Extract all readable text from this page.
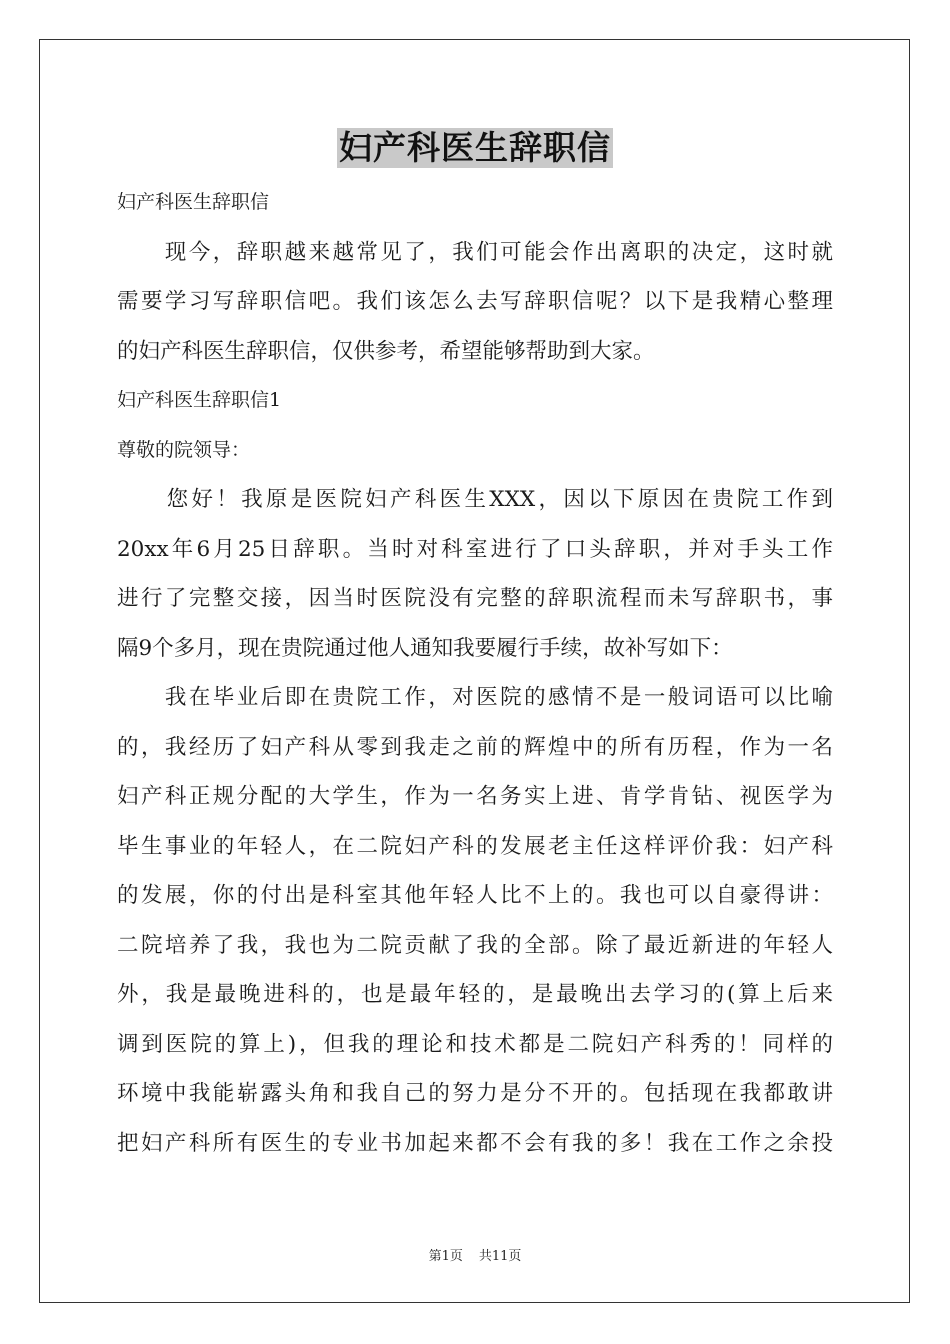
妇产科医生辞职信
妇产科医生辞职信
　　现今，辞职越来越常见了，我们可能会作出离职的决定，这时就
需要学习写辞职信吧。我们该怎么去写辞职信呢？以下是我精心整理
的妇产科医生辞职信，仅供参考，希望能够帮助到大家。
妇产科医生辞职信1
尊敬的院领导：
　　您好！我原是医院妇产科医生XXX，因以下原因在贵院工作到
20xx年6月25日辞职。当时对科室进行了口头辞职，并对手头工作
进行了完整交接，因当时医院没有完整的辞职流程而未写辞职书，事
隔9个多月，现在贵院通过他人通知我要履行手续，故补写如下：
　　我在毕业后即在贵院工作，对医院的感情不是一般词语可以比喻
的，我经历了妇产科从零到我走之前的辉煌中的所有历程，作为一名
妇产科正规分配的大学生，作为一名务实上进、肯学肯钻、视医学为
毕生事业的年轻人，在二院妇产科的发展老主任这样评价我：妇产科
的发展，你的付出是科室其他年轻人比不上的。我也可以自豪得讲：
二院培养了我，我也为二院贡献了我的全部。除了最近新进的年轻人
外，我是最晚进科的，也是最年轻的，是最晚出去学习的(算上后来
调到医院的算上)，但我的理论和技术都是二院妇产科秀的！同样的
环境中我能崭露头角和我自己的努力是分不开的。包括现在我都敢讲
把妇产科所有医生的专业书加起来都不会有我的多！我在工作之余投
第1页 共11页
